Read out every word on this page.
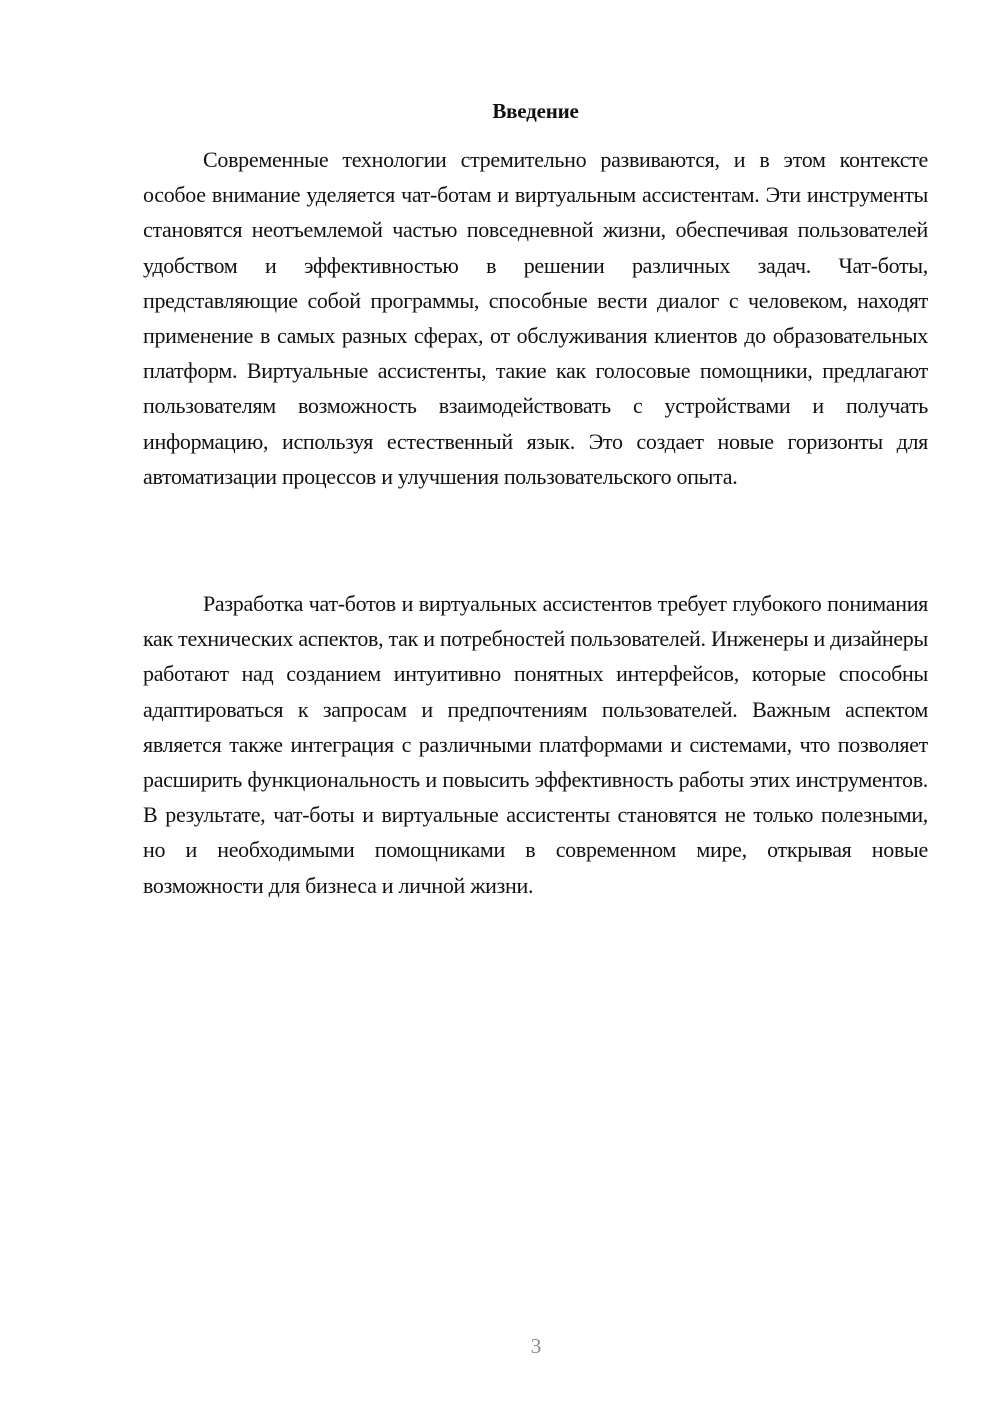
Введение

Современные технологии стремительно развиваются, и в этом контексте особое внимание уделяется чат-ботам и виртуальным ассистентам. Эти инструменты становятся неотъемлемой частью повседневной жизни, обеспечивая пользователей удобством и эффективностью в решении различных задач. Чат-боты, представляющие собой программы, способные вести диалог с человеком, находят применение в самых разных сферах, от обслуживания клиентов до образовательных платформ. Виртуальные ассистенты, такие как голосовые помощники, предлагают пользователям возможность взаимодействовать с устройствами и получать информацию, используя естественный язык. Это создает новые горизонты для автоматизации процессов и улучшения пользовательского опыта.

Разработка чат-ботов и виртуальных ассистентов требует глубокого понимания как технических аспектов, так и потребностей пользователей. Инженеры и дизайнеры работают над созданием интуитивно понятных интерфейсов, которые способны адаптироваться к запросам и предпочтениям пользователей. Важным аспектом является также интеграция с различными платформами и системами, что позволяет расширить функциональность и повысить эффективность работы этих инструментов. В результате, чат-боты и виртуальные ассистенты становятся не только полезными, но и необходимыми помощниками в современном мире, открывая новые возможности для бизнеса и личной жизни.

3
